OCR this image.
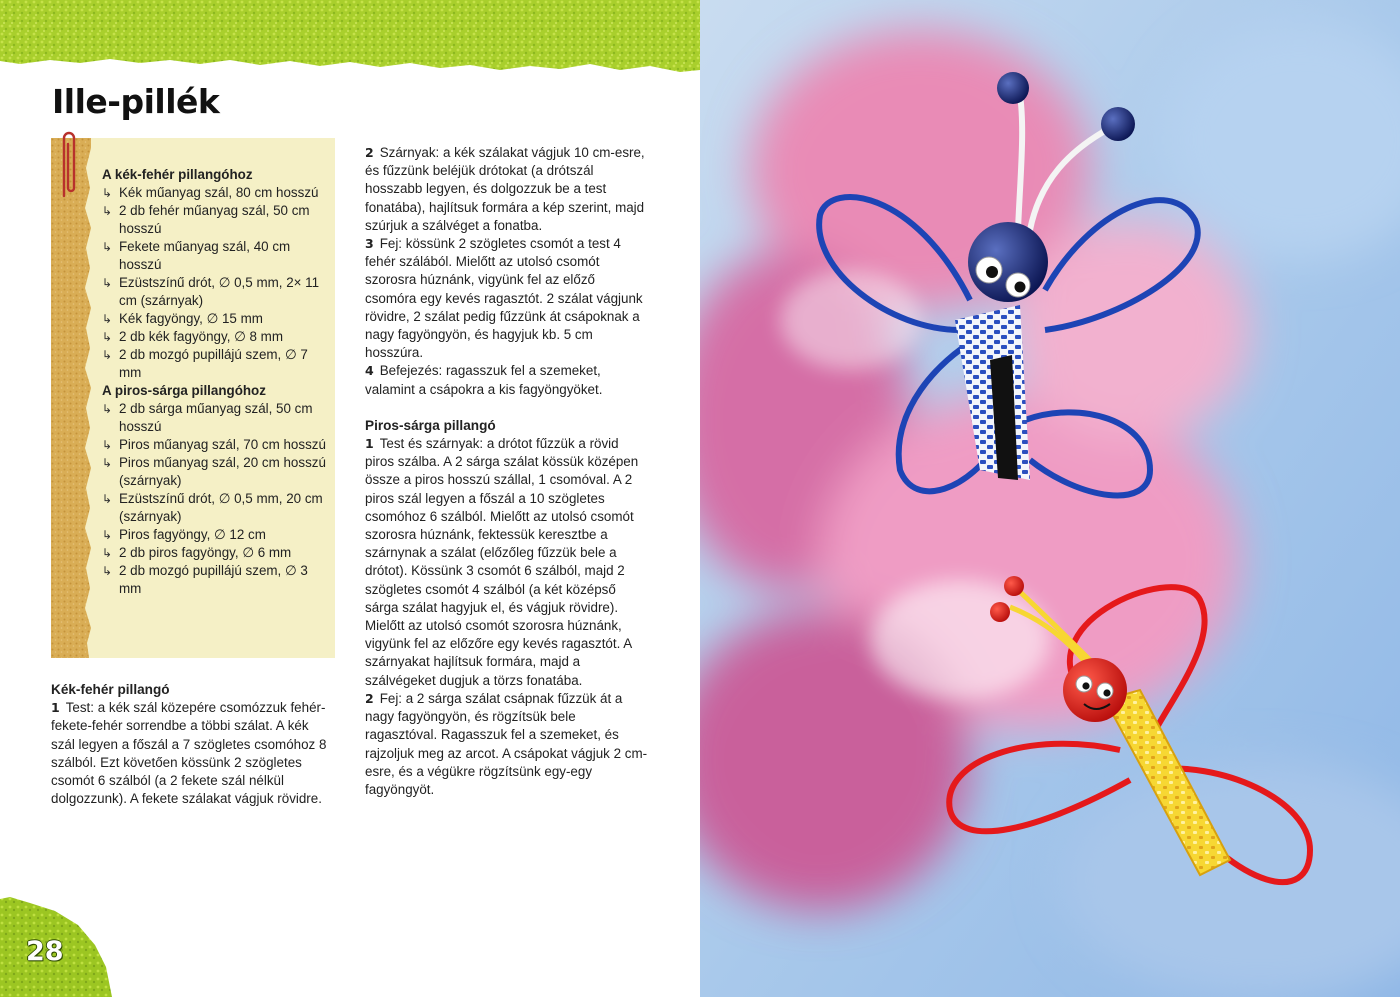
Ille-pillék

A kék-fehér pillangóhoz

↳ Kék műanyag szál, 80 cm hosszú
↳ 2 db fehér műanyag szál, 50 cm hosszú
↳ Fekete műanyag szál, 40 cm hosszú
↳ Ezüstszínű drót, ∅ 0,5 mm, 2× 11 cm (szárnyak)
↳ Kék fagyöngy, ∅ 15 mm
↳ 2 db kék fagyöngy, ∅ 8 mm
↳ 2 db mozgó pupillájú szem, ∅ 7 mm

A piros-sárga pillangóhoz

↳ 2 db sárga műanyag szál, 50 cm hosszú
↳ Piros műanyag szál, 70 cm hosszú
↳ Piros műanyag szál, 20 cm hosszú (szárnyak)
↳ Ezüstszínű drót, ∅ 0,5 mm, 20 cm (szárnyak)
↳ Piros fagyöngy, ∅ 12 cm
↳ 2 db piros fagyöngy, ∅ 6 mm
↳ 2 db mozgó pupillájú szem, ∅ 3 mm
Kék-fehér pillangó

1 Test: a kék szál közepére csomózzuk fehér-fekete-fehér sorrendbe a többi szálat. A kék szál legyen a főszál a 7 szögletes csomóhoz 8 szálból. Ezt követően kössünk 2 szögletes csomót 6 szálból (a 2 fekete szál nélkül dolgozzunk). A fekete szálakat vágjuk rövidre.

2 Szárnyak: a kék szálakat vágjuk 10 cm-esre, és fűzzünk beléjük drótokat (a drótszál hosszabb legyen, és dolgozzuk be a test fonatába), hajlítsuk formára a kép szerint, majd szúrjuk a szálvéget a fonatba.

3 Fej: kössünk 2 szögletes csomót a test 4 fehér szálából. Mielőtt az utolsó csomót szorosra húznánk, vigyünk fel az előző csomóra egy kevés ragasztót. 2 szálat vágjunk rövidre, 2 szálat pedig fűzzünk át csápoknak a nagy fagyöngyön, és hagyjuk kb. 5 cm hosszúra.

4 Befejezés: ragasszuk fel a szemeket, valamint a csápokra a kis fagyöngyöket.

Piros-sárga pillangó

1 Test és szárnyak: a drótot fűzzük a rövid piros szálba. A 2 sárga szálat kössük középen össze a piros hosszú szállal, 1 csomóval. A 2 piros szál legyen a főszál a 10 szögletes csomóhoz 6 szálból. Mielőtt az utolsó csomót szorosra húznánk, fektessük keresztbe a szárnynak a szálat (előzőleg fűzzük bele a drótot). Kössünk 3 csomót 6 szálból, majd 2 szögletes csomót 4 szálból (a két középső sárga szálat hagyjuk el, és vágjuk rövidre). Mielőtt az utolsó csomót szorosra húznánk, vigyünk fel az előzőre egy kevés ragasztót. A szárnyakat hajlítsuk formára, majd a szálvégeket dugjuk a törzs fonatába.

2 Fej: a 2 sárga szálat csápnak fűzzük át a nagy fagyöngyön, és rögzítsük bele ragasztóval. Ragasszuk fel a szemeket, és rajzoljuk meg az arcot. A csápokat vágjuk 2 cm-esre, és a végükre rögzítsünk egy-egy fagyöngyöt.

28
